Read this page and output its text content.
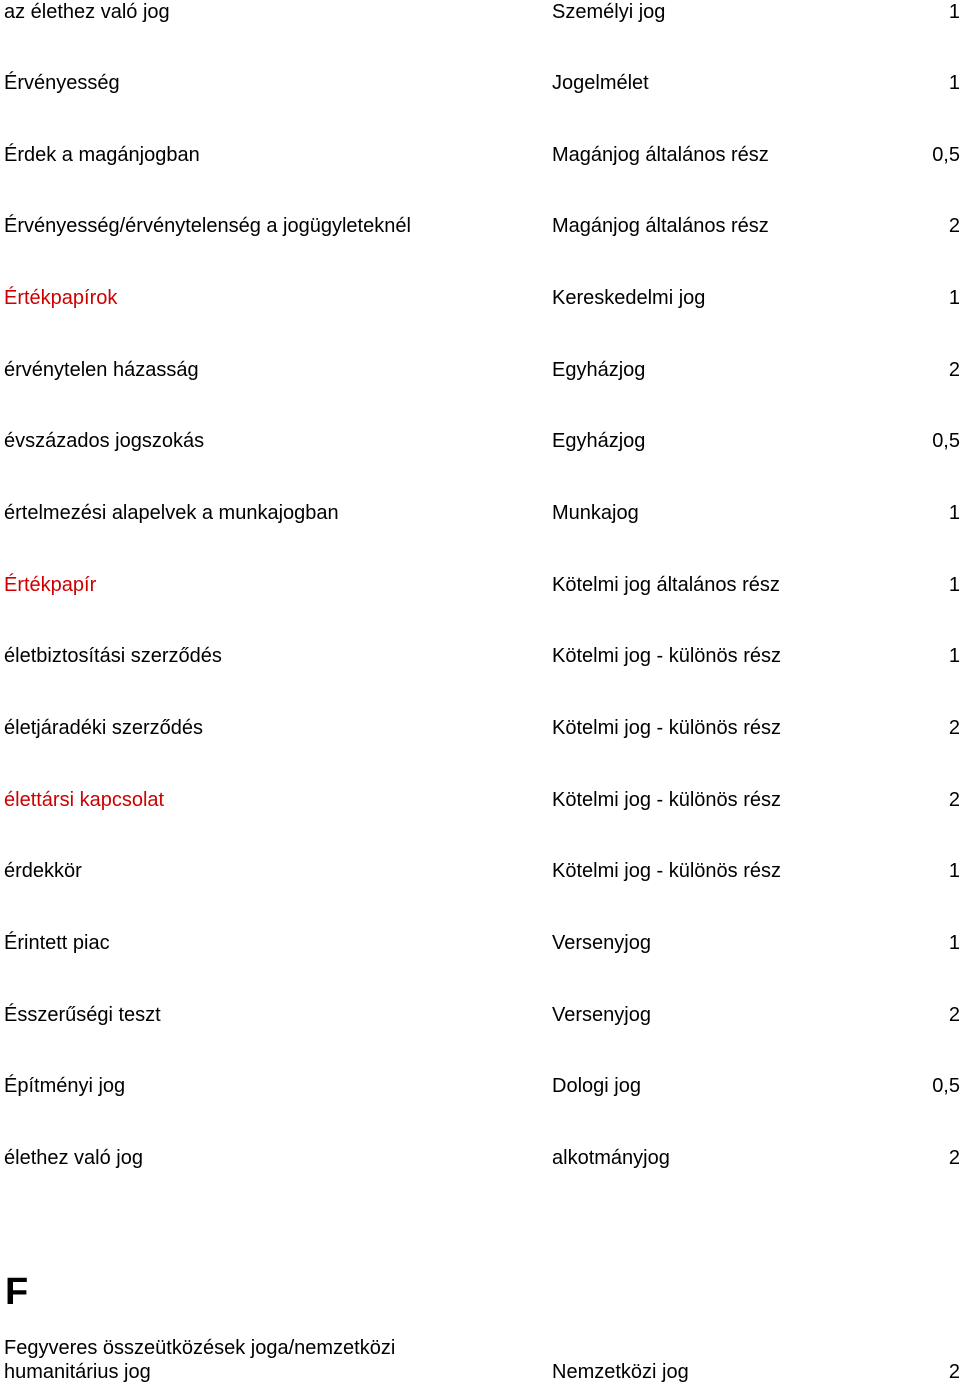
az élethez való jog	Személyi jog	1
Érvényesség	Jogelmélet	1
Érdek a magánjogban	Magánjog általános rész	0,5
Érvényesség/érvénytelenség a jogügyleteknél	Magánjog általános rész	2
Értékpapírok	Kereskedelmi jog	1
érvénytelen házasság	Egyházjog	2
évszázados jogszokás	Egyházjog	0,5
értelmezési alapelvek a munkajogban	Munkajog	1
Értékpapír	Kötelmi jog általános rész	1
életbiztosítási szerződés	Kötelmi jog - különös rész	1
életjáradéki szerződés	Kötelmi jog - különös rész	2
élettársi kapcsolat	Kötelmi jog - különös rész	2
érdekkör	Kötelmi jog - különös rész	1
Érintett piac	Versenyjog	1
Ésszerűségi teszt	Versenyjog	2
Építményi jog	Dologi jog	0,5
élethez való jog	alkotmányjog	2
F
Fegyveres összeütközések joga/nemzetközi humanitárius jog	Nemzetközi jog	2
